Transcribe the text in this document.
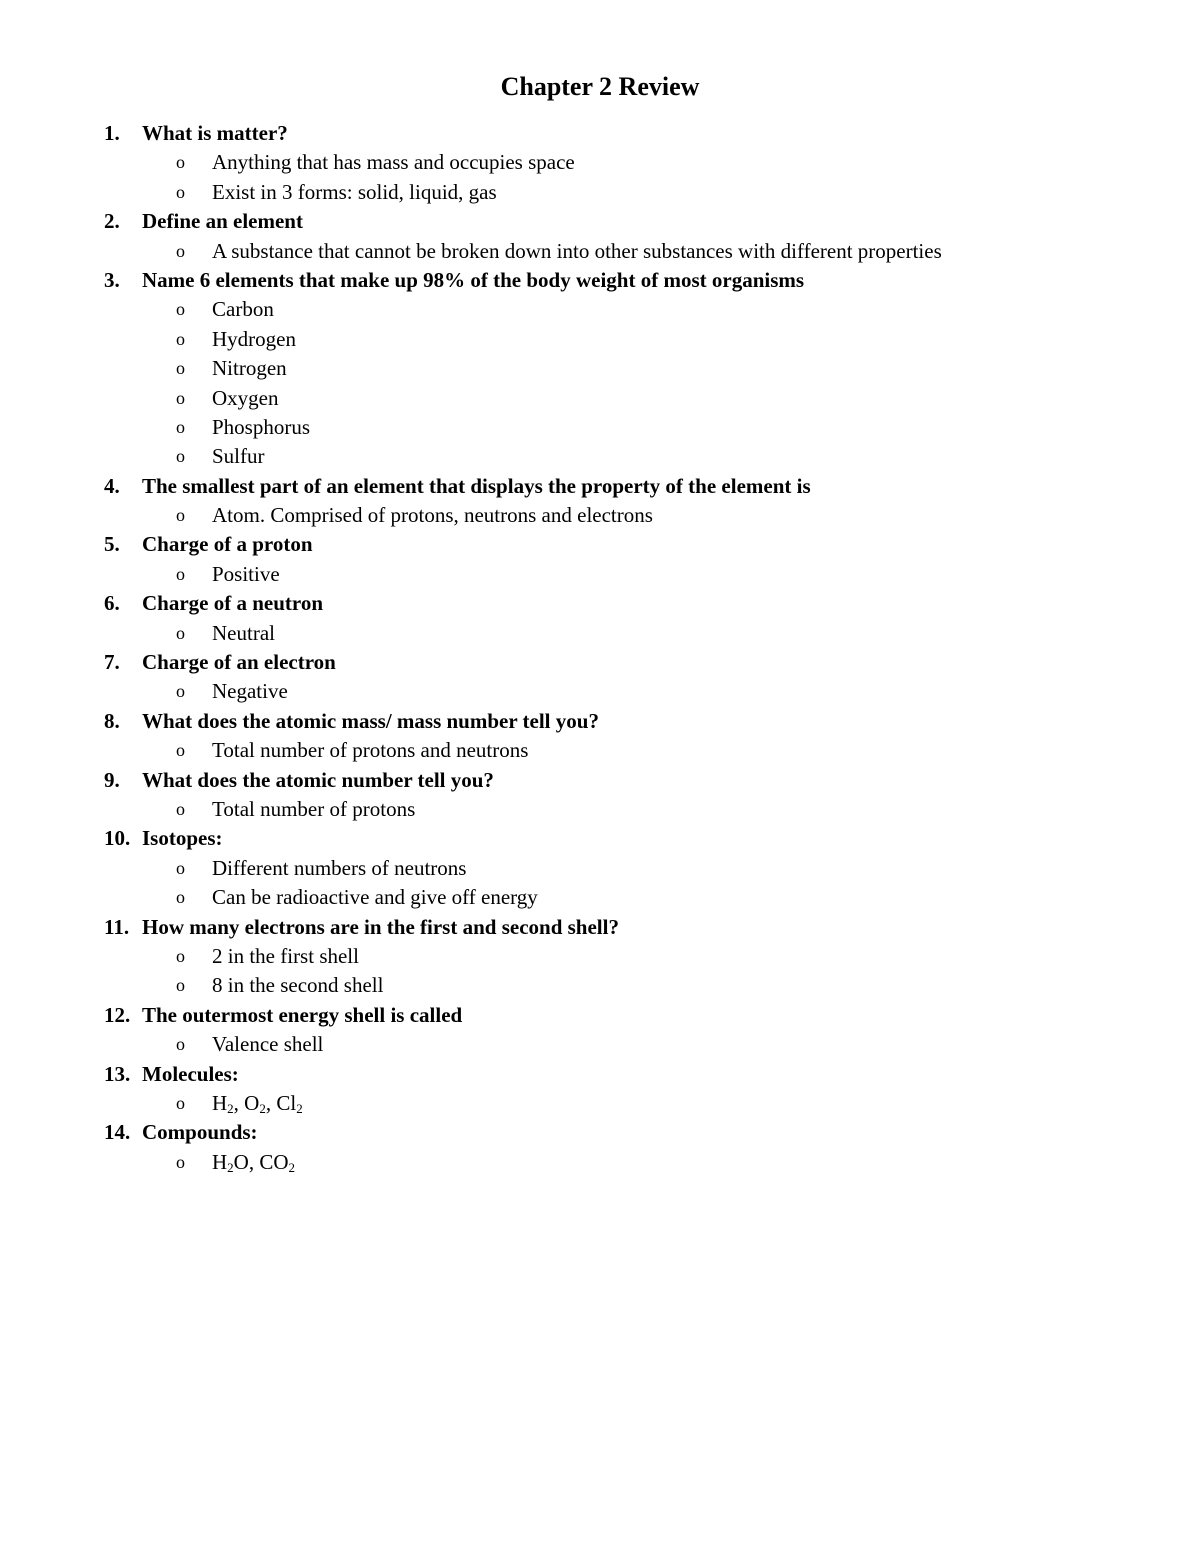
Chapter 2 Review
1. What is matter?
o Anything that has mass and occupies space
o Exist in 3 forms: solid, liquid, gas
2. Define an element
o A substance that cannot be broken down into other substances with different properties
3. Name 6 elements that make up 98% of the body weight of most organisms
o Carbon
o Hydrogen
o Nitrogen
o Oxygen
o Phosphorus
o Sulfur
4. The smallest part of an element that displays the property of the element is
o Atom. Comprised of protons, neutrons and electrons
5. Charge of a proton
o Positive
6. Charge of a neutron
o Neutral
7. Charge of an electron
o Negative
8. What does the atomic mass/ mass number tell you?
o Total number of protons and neutrons
9. What does the atomic number tell you?
o Total number of protons
10. Isotopes:
o Different numbers of neutrons
o Can be radioactive and give off energy
11. How many electrons are in the first and second shell?
o 2 in the first shell
o 8 in the second shell
12. The outermost energy shell is called
o Valence shell
13. Molecules:
o $H_2$, $O_2$, $Cl_2$
14. Compounds:
o $H_2O$, $CO_2$
